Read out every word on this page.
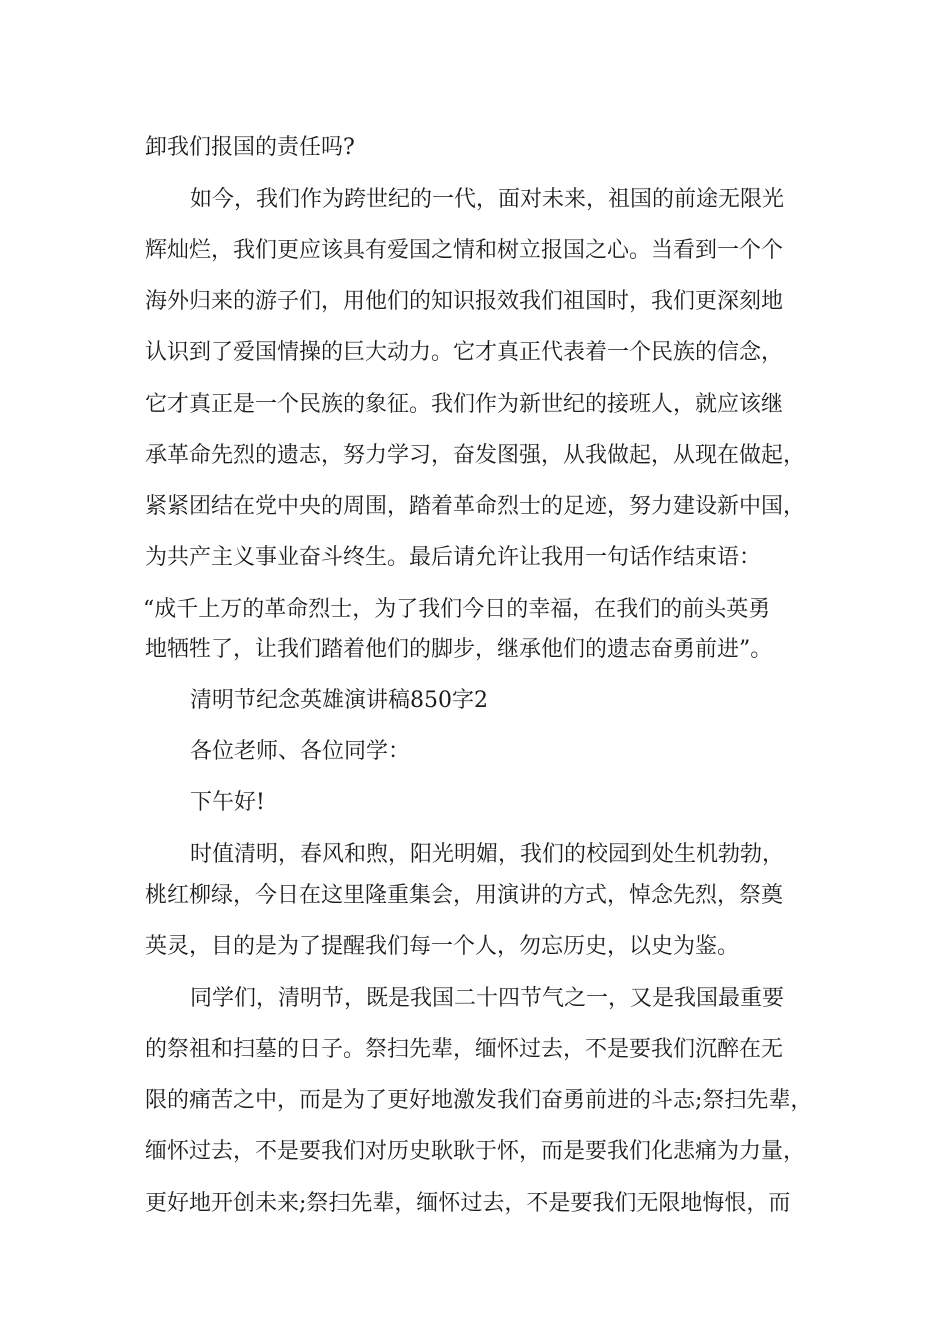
卸我们报国的责任吗?
如今，我们作为跨世纪的一代，面对未来，祖国的前途无限光
辉灿烂，我们更应该具有爱国之情和树立报国之心。当看到一个个
海外归来的游子们，用他们的知识报效我们祖国时，我们更深刻地
认识到了爱国情操的巨大动力。它才真正代表着一个民族的信念，
它才真正是一个民族的象征。我们作为新世纪的接班人，就应该继
承革命先烈的遗志，努力学习，奋发图强，从我做起，从现在做起，
紧紧团结在党中央的周围，踏着革命烈士的足迹，努力建设新中国，
为共产主义事业奋斗终生。最后请允许让我用一句话作结束语：
“成千上万的革命烈士，为了我们今日的幸福，在我们的前头英勇
地牺牲了，让我们踏着他们的脚步，继承他们的遗志奋勇前进”。
清明节纪念英雄演讲稿850字2
各位老师、各位同学：
下午好!
时值清明，春风和煦，阳光明媚，我们的校园到处生机勃勃，
桃红柳绿，今日在这里隆重集会，用演讲的方式，悼念先烈，祭奠
英灵，目的是为了提醒我们每一个人，勿忘历史，以史为鉴。
同学们，清明节，既是我国二十四节气之一，又是我国最重要
的祭祖和扫墓的日子。祭扫先辈，缅怀过去，不是要我们沉醉在无
限的痛苦之中，而是为了更好地激发我们奋勇前进的斗志;祭扫先辈，
缅怀过去，不是要我们对历史耿耿于怀，而是要我们化悲痛为力量，
更好地开创未来;祭扫先辈，缅怀过去，不是要我们无限地悔恨，而
